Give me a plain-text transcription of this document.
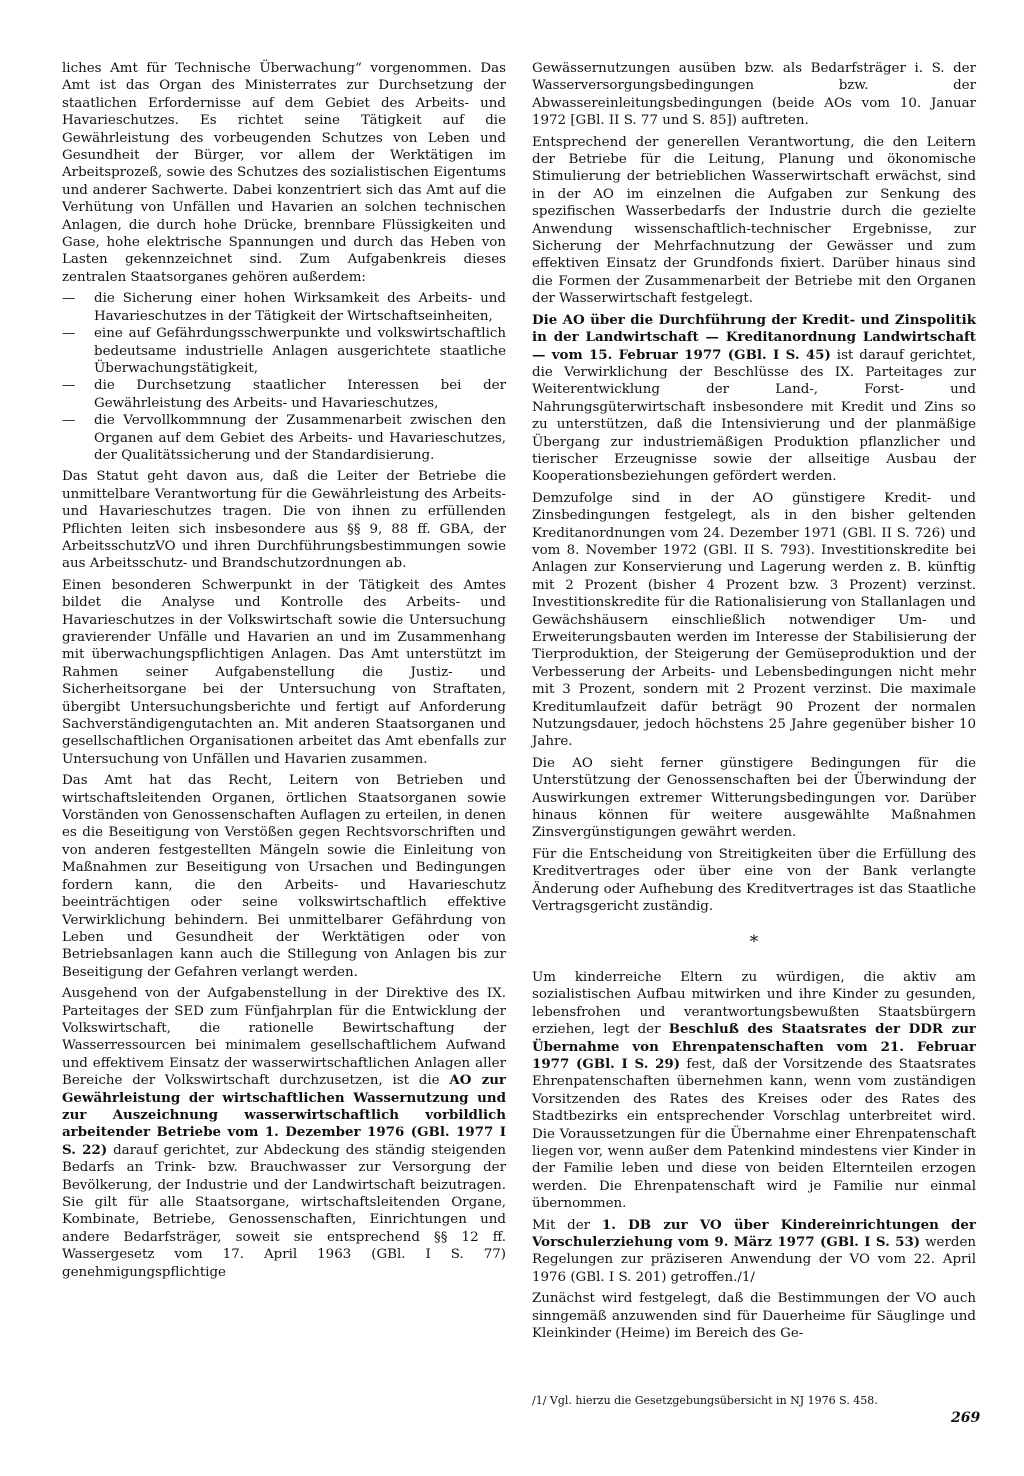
liches Amt für Technische Überwachung“ vorgenommen. Das Amt ist das Organ des Ministerrates zur Durchsetzung der staatlichen Erfordernisse auf dem Gebiet des Arbeits- und Havarieschutzes. Es richtet seine Tätigkeit auf die Gewährleistung des vorbeugenden Schutzes von Leben und Gesundheit der Bürger, vor allem der Werktätigen im Arbeitsprozeß, sowie des Schutzes des sozialistischen Eigentums und anderer Sachwerte. Dabei konzentriert sich das Amt auf die Verhütung von Unfällen und Havarien an solchen technischen Anlagen, die durch hohe Drücke, brennbare Flüssigkeiten und Gase, hohe elektrische Spannungen und durch das Heben von Lasten gekennzeichnet sind. Zum Aufgabenkreis dieses zentralen Staatsorganes gehören außerdem:

— die Sicherung einer hohen Wirksamkeit des Arbeits- und Havarieschutzes in der Tätigkeit der Wirtschaftseinheiten,
— eine auf Gefährdungsschwerpunkte und volkswirtschaftlich bedeutsame industrielle Anlagen ausgerichtete staatliche Überwachungstätigkeit,
— die Durchsetzung staatlicher Interessen bei der Gewährleistung des Arbeits- und Havarieschutzes,
— die Vervollkommnung der Zusammenarbeit zwischen den Organen auf dem Gebiet des Arbeits- und Havarieschutzes, der Qualitätssicherung und der Standardisierung.

Das Statut geht davon aus, daß die Leiter der Betriebe die unmittelbare Verantwortung für die Gewährleistung des Arbeits- und Havarieschutzes tragen. Die von ihnen zu erfüllenden Pflichten leiten sich insbesondere aus §§ 9, 88 ff. GBA, der ArbeitsschutzVO und ihren Durchführungsbestimmungen sowie aus Arbeitsschutz- und Brandschutzordnungen ab.

Einen besonderen Schwerpunkt in der Tätigkeit des Amtes bildet die Analyse und Kontrolle des Arbeits- und Havarieschutzes in der Volkswirtschaft sowie die Untersuchung gravierender Unfälle und Havarien an und im Zusammenhang mit überwachungspflichtigen Anlagen. Das Amt unterstützt im Rahmen seiner Aufgabenstellung die Justiz- und Sicherheitsorgane bei der Untersuchung von Straftaten, übergibt Untersuchungsberichte und fertigt auf Anforderung Sachverständigengutachten an. Mit anderen Staatsorganen und gesellschaftlichen Organisationen arbeitet das Amt ebenfalls zur Untersuchung von Unfällen und Havarien zusammen.

Das Amt hat das Recht, Leitern von Betrieben und wirtschaftsleitenden Organen, örtlichen Staatsorganen sowie Vorständen von Genossenschaften Auflagen zu erteilen, in denen es die Beseitigung von Verstößen gegen Rechtsvorschriften und von anderen festgestellten Mängeln sowie die Einleitung von Maßnahmen zur Beseitigung von Ursachen und Bedingungen fordern kann, die den Arbeits- und Havarieschutz beeinträchtigen oder seine volkswirtschaftlich effektive Verwirklichung behindern. Bei unmittelbarer Gefährdung von Leben und Gesundheit der Werktätigen oder von Betriebsanlagen kann auch die Stillegung von Anlagen bis zur Beseitigung der Gefahren verlangt werden.

Ausgehend von der Aufgabenstellung in der Direktive des IX. Parteitages der SED zum Fünfjahrplan für die Entwicklung der Volkswirtschaft, die rationelle Bewirtschaftung der Wasserressourcen bei minimalem gesellschaftlichem Aufwand und effektivem Einsatz der wasserwirtschaftlichen Anlagen aller Bereiche der Volkswirtschaft durchzusetzen, ist die AO zur Gewährleistung der wirtschaftlichen Wassernutzung und zur Auszeichnung wasserwirtschaftlich vorbildlich arbeitender Betriebe vom 1. Dezember 1976 (GBl. 1977 I S. 22) darauf gerichtet, zur Abdeckung des ständig steigenden Bedarfs an Trink- bzw. Brauchwasser zur Versorgung der Bevölkerung, der Industrie und der Landwirtschaft beizutragen. Sie gilt für alle Staatsorgane, wirtschaftsleitenden Organe, Kombinate, Betriebe, Genossenschaften, Einrichtungen und andere Bedarfsträger, soweit sie entsprechend §§ 12 ff. Wassergesetz vom 17. April 1963 (GBl. I S. 77) genehmigungspflichtige

Gewässernutzungen ausüben bzw. als Bedarfsträger i. S. der Wasserversorgungsbedingungen bzw. der Abwassereinleitungsbedingungen (beide AOs vom 10. Januar 1972 [GBl. II S. 77 und S. 85]) auftreten.

Entsprechend der generellen Verantwortung, die den Leitern der Betriebe für die Leitung, Planung und ökonomische Stimulierung der betrieblichen Wasserwirtschaft erwächst, sind in der AO im einzelnen die Aufgaben zur Senkung des spezifischen Wasserbedarfs der Industrie durch die gezielte Anwendung wissenschaftlich-technischer Ergebnisse, zur Sicherung der Mehrfachnutzung der Gewässer und zum effektiven Einsatz der Grundfonds fixiert. Darüber hinaus sind die Formen der Zusammenarbeit der Betriebe mit den Organen der Wasserwirtschaft festgelegt.

Die AO über die Durchführung der Kredit- und Zinspolitik in der Landwirtschaft — Kreditanordnung Landwirtschaft — vom 15. Februar 1977 (GBl. I S. 45) ist darauf gerichtet, die Verwirklichung der Beschlüsse des IX. Parteitages zur Weiterentwicklung der Land-, Forst- und Nahrungsgüterwirtschaft insbesondere mit Kredit und Zins so zu unterstützen, daß die Intensivierung und der planmäßige Übergang zur industriemäßigen Produktion pflanzlicher und tierischer Erzeugnisse sowie der allseitige Ausbau der Kooperationsbeziehungen gefördert werden.

Demzufolge sind in der AO günstigere Kredit- und Zinsbedingungen festgelegt, als in den bisher geltenden Kreditanordnungen vom 24. Dezember 1971 (GBl. II S. 726) und vom 8. November 1972 (GBl. II S. 793). Investitionskredite bei Anlagen zur Konservierung und Lagerung werden z. B. künftig mit 2 Prozent (bisher 4 Prozent bzw. 3 Prozent) verzinst. Investitionskredite für die Rationalisierung von Stallanlagen und Gewächshäusern einschließlich notwendiger Um- und Erweiterungsbauten werden im Interesse der Stabilisierung der Tierproduktion, der Steigerung der Gemüseproduktion und der Verbesserung der Arbeits- und Lebensbedingungen nicht mehr mit 3 Prozent, sondern mit 2 Prozent verzinst. Die maximale Kreditumlaufzeit dafür beträgt 90 Prozent der normalen Nutzungsdauer, jedoch höchstens 25 Jahre gegenüber bisher 10 Jahre.

Die AO sieht ferner günstigere Bedingungen für die Unterstützung der Genossenschaften bei der Überwindung der Auswirkungen extremer Witterungsbedingungen vor. Darüber hinaus können für weitere ausgewählte Maßnahmen Zinsvergünstigungen gewährt werden.

Für die Entscheidung von Streitigkeiten über die Erfüllung des Kreditvertrages oder über eine von der Bank verlangte Änderung oder Aufhebung des Kreditvertrages ist das Staatliche Vertragsgericht zuständig.

*

Um kinderreiche Eltern zu würdigen, die aktiv am sozialistischen Aufbau mitwirken und ihre Kinder zu gesunden, lebensfrohen und verantwortungsbewußten Staatsbürgern erziehen, legt der Beschluß des Staatsrates der DDR zur Übernahme von Ehrenpatenschaften vom 21. Februar 1977 (GBl. I S. 29) fest, daß der Vorsitzende des Staatsrates Ehrenpatenschaften übernehmen kann, wenn vom zuständigen Vorsitzenden des Rates des Kreises oder des Rates des Stadtbezirks ein entsprechender Vorschlag unterbreitet wird. Die Voraussetzungen für die Übernahme einer Ehrenpatenschaft liegen vor, wenn außer dem Patenkind mindestens vier Kinder in der Familie leben und diese von beiden Elternteilen erzogen werden. Die Ehrenpatenschaft wird je Familie nur einmal übernommen.

Mit der 1. DB zur VO über Kindereinrichtungen der Vorschulerziehung vom 9. März 1977 (GBl. I S. 53) werden Regelungen zur präziseren Anwendung der VO vom 22. April 1976 (GBl. I S. 201) getroffen./1/

Zunächst wird festgelegt, daß die Bestimmungen der VO auch sinngemäß anzuwenden sind für Dauerheime für Säuglinge und Kleinkinder (Heime) im Bereich des Ge-

/1/ Vgl. hierzu die Gesetzgebungsübersicht in NJ 1976 S. 458.
269
